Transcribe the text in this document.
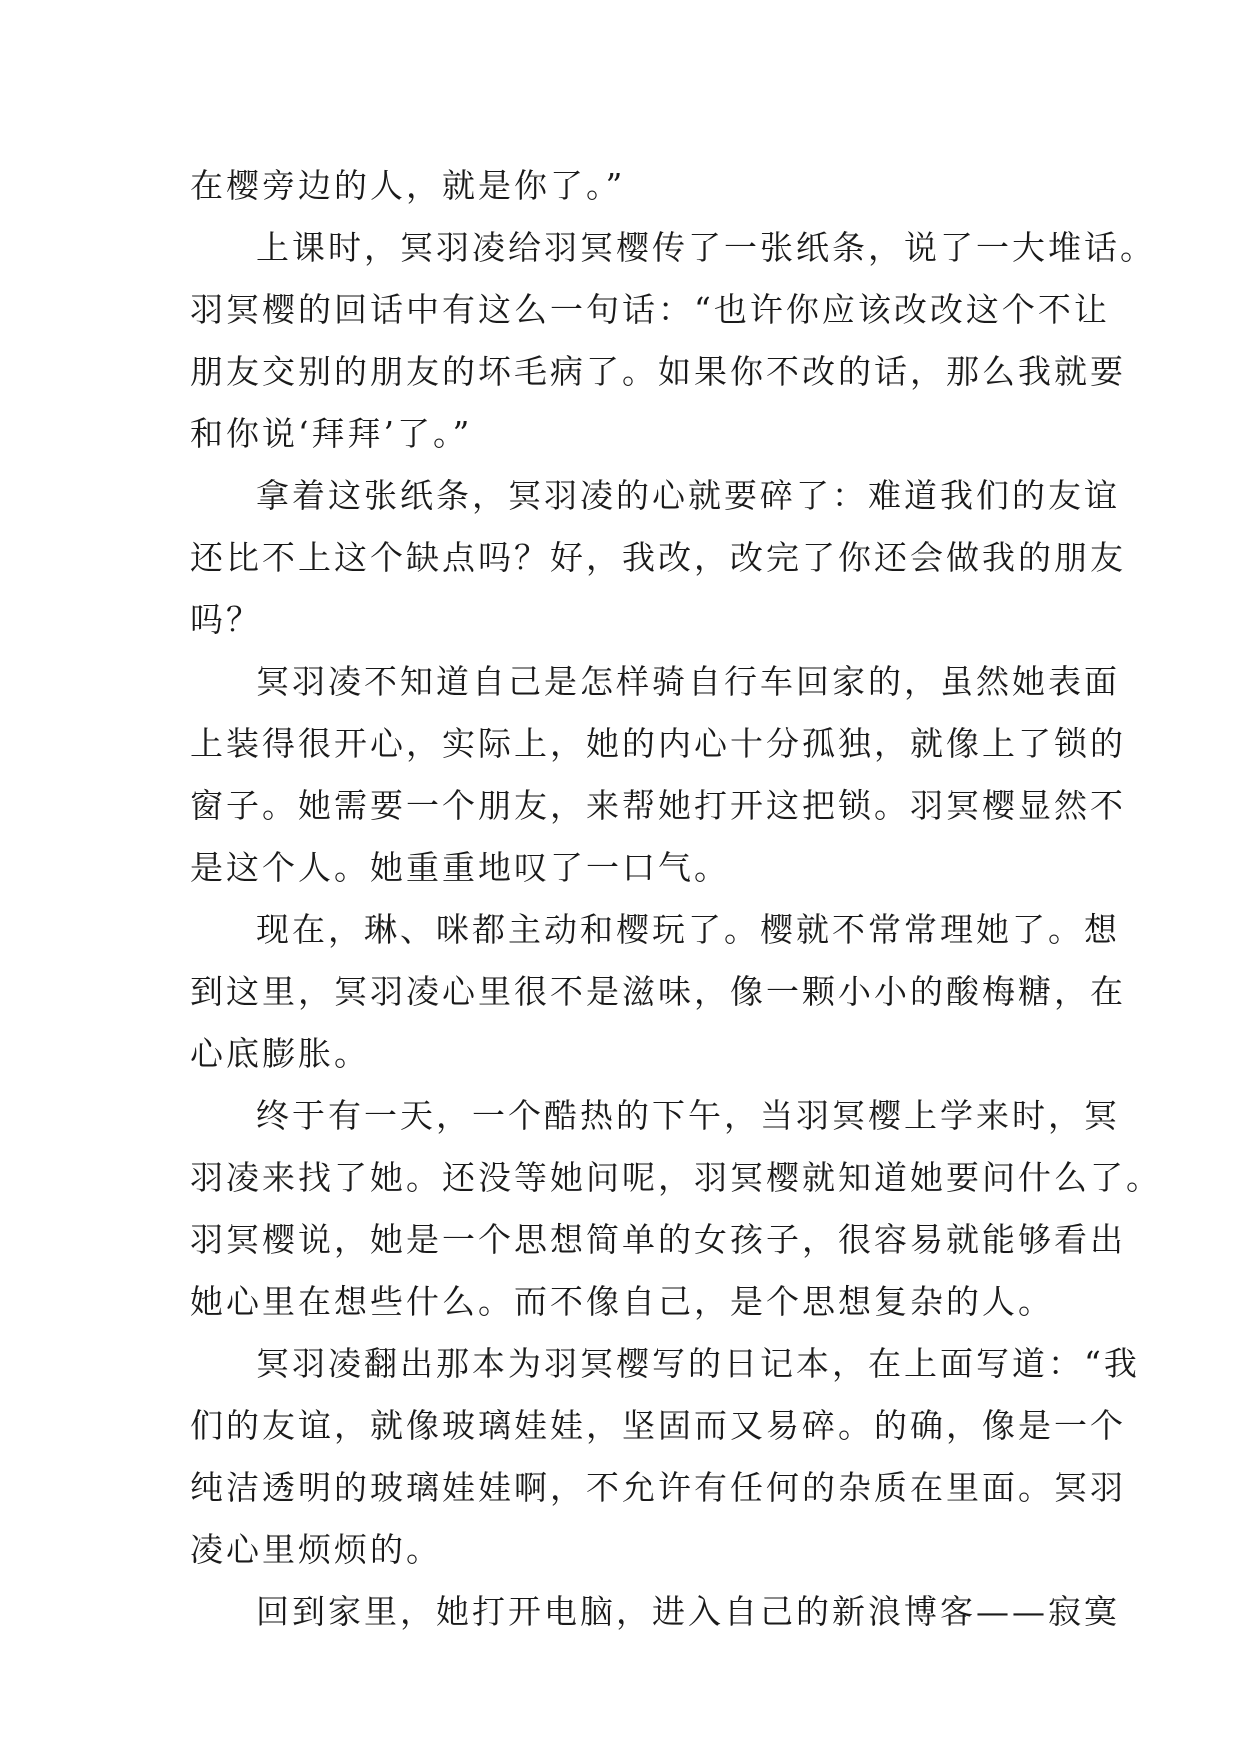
在樱旁边的人，就是你了。”
上课时，冥羽凌给羽冥樱传了一张纸条，说了一大堆话。
羽冥樱的回话中有这么一句话：“也许你应该改改这个不让
朋友交别的朋友的坏毛病了。如果你不改的话，那么我就要
和你说‘拜拜’了。”
拿着这张纸条，冥羽凌的心就要碎了：难道我们的友谊
还比不上这个缺点吗？好，我改，改完了你还会做我的朋友
吗？
冥羽凌不知道自己是怎样骑自行车回家的，虽然她表面
上装得很开心，实际上，她的内心十分孤独，就像上了锁的
窗子。她需要一个朋友，来帮她打开这把锁。羽冥樱显然不
是这个人。她重重地叹了一口气。
现在，琳、咪都主动和樱玩了。樱就不常常理她了。想
到这里，冥羽凌心里很不是滋味，像一颗小小的酸梅糖，在
心底膨胀。
终于有一天，一个酷热的下午，当羽冥樱上学来时，冥
羽凌来找了她。还没等她问呢，羽冥樱就知道她要问什么了。
羽冥樱说，她是一个思想简单的女孩子，很容易就能够看出
她心里在想些什么。而不像自己，是个思想复杂的人。
冥羽凌翻出那本为羽冥樱写的日记本，在上面写道：“我
们的友谊，就像玻璃娃娃，坚固而又易碎。的确，像是一个
纯洁透明的玻璃娃娃啊，不允许有任何的杂质在里面。冥羽
凌心里烦烦的。
回到家里，她打开电脑，进入自己的新浪博客——寂寞
